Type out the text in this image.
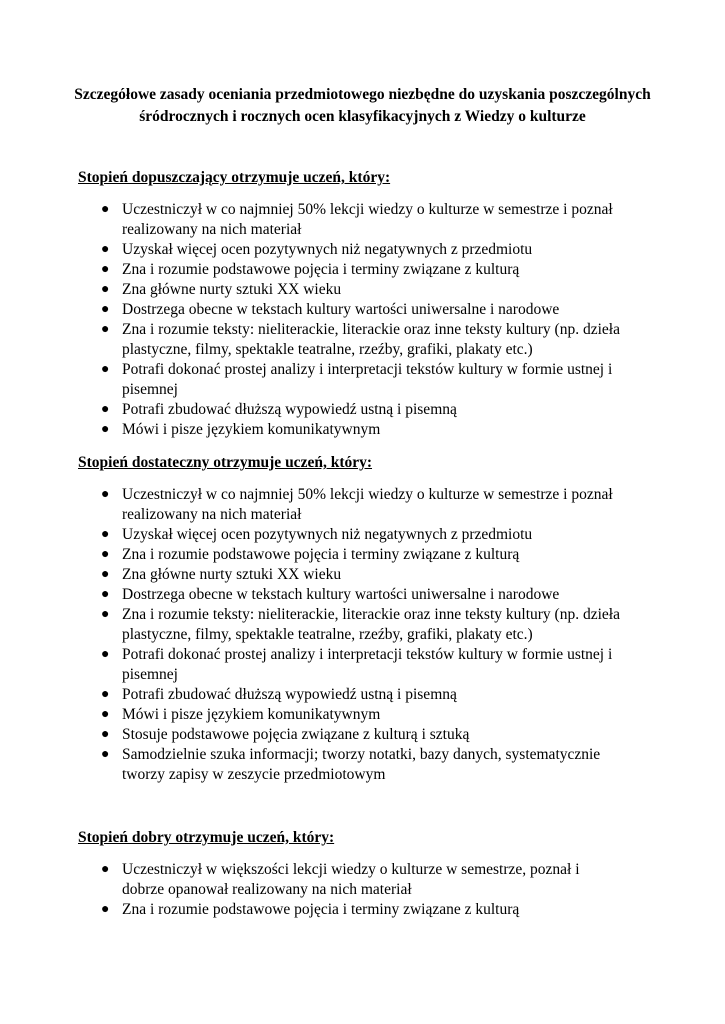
Szczegółowe zasady oceniania przedmiotowego niezbędne do uzyskania poszczególnych
śródrocznych i rocznych ocen klasyfikacyjnych z Wiedzy o kulturze

Stopień dopuszczający otrzymuje uczeń, który:

● Uczestniczył w co najmniej 50% lekcji wiedzy o kulturze w semestrze i poznał realizowany na nich materiał
● Uzyskał więcej ocen pozytywnych niż negatywnych z przedmiotu
● Zna i rozumie podstawowe pojęcia i terminy związane z kulturą
● Zna główne nurty sztuki XX wieku
● Dostrzega obecne w tekstach kultury wartości uniwersalne i narodowe
● Zna i rozumie teksty: nieliterackie, literackie oraz inne teksty kultury (np. dzieła plastyczne, filmy, spektakle teatralne, rzeźby, grafiki, plakaty etc.)
● Potrafi dokonać prostej analizy i interpretacji tekstów kultury w formie ustnej i pisemnej
● Potrafi zbudować dłuższą wypowiedź ustną i pisemną
● Mówi i pisze językiem komunikatywnym

Stopień dostateczny otrzymuje uczeń, który:

● Uczestniczył w co najmniej 50% lekcji wiedzy o kulturze w semestrze i poznał realizowany na nich materiał
● Uzyskał więcej ocen pozytywnych niż negatywnych z przedmiotu
● Zna i rozumie podstawowe pojęcia i terminy związane z kulturą
● Zna główne nurty sztuki XX wieku
● Dostrzega obecne w tekstach kultury wartości uniwersalne i narodowe
● Zna i rozumie teksty: nieliterackie, literackie oraz inne teksty kultury (np. dzieła plastyczne, filmy, spektakle teatralne, rzeźby, grafiki, plakaty etc.)
● Potrafi dokonać prostej analizy i interpretacji tekstów kultury w formie ustnej i pisemnej
● Potrafi zbudować dłuższą wypowiedź ustną i pisemną
● Mówi i pisze językiem komunikatywnym
● Stosuje podstawowe pojęcia związane z kulturą i sztuką
● Samodzielnie szuka informacji; tworzy notatki, bazy danych, systematycznie tworzy zapisy w zeszycie przedmiotowym

Stopień dobry otrzymuje uczeń, który:

● Uczestniczył w większości lekcji wiedzy o kulturze w semestrze, poznał i dobrze opanował realizowany na nich materiał
● Zna i rozumie podstawowe pojęcia i terminy związane z kulturą
